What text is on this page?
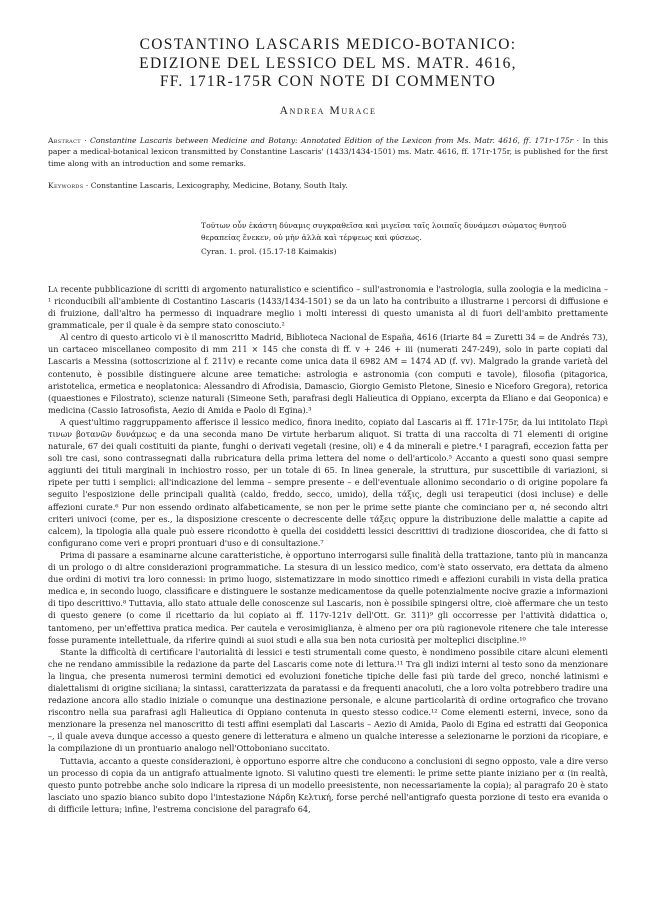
COSTANTINO LASCARIS MEDICO-BOTANICO:
EDIZIONE DEL LESSICO DEL MS. MATR. 4616,
FF. 171R-175R CON NOTE DI COMMENTO
Andrea Murace

Abstract · Constantine Lascaris between Medicine and Botany: Annotated Edition of the Lexicon from Ms. Matr. 4616, ff. 171r-175r · In this paper a medical-botanical lexicon transmitted by Constantine Lascaris' (1433/1434-1501) ms. Matr. 4616, ff. 171r-175r, is published for the first time along with an introduction and some remarks.

Keywords · Constantine Lascaris, Lexicography, Medicine, Botany, South Italy.

Τούτων οὖν ἑκάστη δύναμις συγκραθεῖσα καὶ μιγεῖσα ταῖς λοιπαῖς δυνάμεσι σώματος θνητοῦ
θεραπείας ἕνεκεν, οὐ μὴν ἀλλὰ καὶ τέρψεως καὶ φύσεως.
Cyran. 1. prol. (15.17-18 Kaimakis)

La recente pubblicazione di scritti di argomento naturalistico e scientifico – sull'astronomia e l'astrologia, sulla zoologia e la medicina –¹ riconducibili all'ambiente di Costantino Lascaris (1433/1434-1501) se da un lato ha contribuito a illustrarne i percorsi di diffusione e di fruizione, dall'altro ha permesso di inquadrare meglio i molti interessi di questo umanista al di fuori dell'ambito prettamente grammaticale, per il quale è da sempre stato conosciuto.²

Al centro di questo articolo vi è il manoscritto Madrid, Biblioteca Nacional de España, 4616 (Iriarte 84 = Zuretti 34 = de Andrés 73), un cartaceo miscellaneo composito di mm 211 × 145 che consta di ff. v + 246 + iii (numerati 247-249), solo in parte copiati dal Lascaris a Messina (sottoscrizione al f. 211v) e recante come unica data il 6982 AM = 1474 AD (f. vv). Malgrado la grande varietà del contenuto, è possibile distinguere alcune aree tematiche: astrologia e astronomia (con computi e tavole), filosofia (pitagorica, aristotelica, ermetica e neoplatonica: Alessandro di Afrodisia, Damascio, Giorgio Gemisto Pletone, Sinesio e Niceforo Gregora), retorica (quaestiones e Filostrato), scienze naturali (Simeone Seth, parafrasi degli Halieutica di Oppiano, excerpta da Eliano e dai Geoponica) e medicina (Cassio Iatrosofista, Aezio di Amida e Paolo di Egina).³

A quest'ultimo raggruppamento afferisce il lessico medico, finora inedito, copiato dal Lascaris ai ff. 171r-175r, da lui intitolato Περὶ τινων βοτανῶν δυνάμεως e da una seconda mano De virtute herbarum aliquot. Si tratta di una raccolta di 71 elementi di origine naturale, 67 dei quali costituiti da piante, funghi o derivati vegetali (resine, oli) e 4 da minerali e pietre.⁴ I paragrafi, eccezion fatta per soli tre casi, sono contrassegnati dalla rubricatura della prima lettera del nome o dell'articolo.⁵ Accanto a questi sono quasi sempre aggiunti dei tituli marginali in inchiostro rosso, per un totale di 65. In linea generale, la struttura, pur suscettibile di variazioni, si ripete per tutti i semplici: all'indicazione del lemma – sempre presente – e dell'eventuale allonimo secondario o di origine popolare fa seguito l'esposizione delle principali qualità (caldo, freddo, secco, umido), della τάξις, degli usi terapeutici (dosi incluse) e delle affezioni curate.⁶ Pur non essendo ordinato alfabeticamente, se non per le prime sette piante che cominciano per α, né secondo altri criteri univoci (come, per es., la disposizione crescente o decrescente delle τάξεις oppure la distribuzione delle malattie a capite ad calcem), la tipologia alla quale può essere ricondotto è quella dei cosiddetti lessici descrittivi di tradizione dioscoridea, che di fatto si configurano come veri e propri prontuari d'uso e di consultazione.⁷

Prima di passare a esaminarne alcune caratteristiche, è opportuno interrogarsi sulle finalità della trattazione, tanto più in mancanza di un prologo o di altre considerazioni programmatiche. La stesura di un lessico medico, com'è stato osservato, era dettata da almeno due ordini di motivi tra loro connessi: in primo luogo, sistematizzare in modo sinottico rimedi e affezioni curabili in vista della pratica medica e, in secondo luogo, classificare e distinguere le sostanze medicamentose da quelle potenzialmente nocive grazie a informazioni di tipo descrittivo.⁸ Tuttavia, allo stato attuale delle conoscenze sul Lascaris, non è possibile spingersi oltre, cioè affermare che un testo di questo genere (o come il ricettario da lui copiato ai ff. 117v-121v dell'Ott. Gr. 311)⁹ gli occorresse per l'attività didattica o, tantomeno, per un'effettiva pratica medica. Per cautela e verosimiglianza, è almeno per ora più ragionevole ritenere che tale interesse fosse puramente intellettuale, da riferire quindi ai suoi studi e alla sua ben nota curiosità per molteplici discipline.¹⁰

Stante la difficoltà di certificare l'autorialità di lessici e testi strumentali come questo, è nondimeno possibile citare alcuni elementi che ne rendano ammissibile la redazione da parte del Lascaris come note di lettura.¹¹ Tra gli indizi interni al testo sono da menzionare la lingua, che presenta numerosi termini demotici ed evoluzioni fonetiche tipiche delle fasi più tarde del greco, nonché latinismi e dialettalismi di origine siciliana; la sintassi, caratterizzata da paratassi e da frequenti anacoluti, che a loro volta potrebbero tradire una redazione ancora allo stadio iniziale o comunque una destinazione personale, e alcune particolarità di ordine ortografico che trovano riscontro nella sua parafrasi agli Halieutica di Oppiano contenuta in questo stesso codice.¹² Come elementi esterni, invece, sono da menzionare la presenza nel manoscritto di testi affini esemplati dal Lascaris – Aezio di Amida, Paolo di Egina ed estratti dai Geoponica –, il quale aveva dunque accesso a questo genere di letteratura e almeno un qualche interesse a selezionarne le porzioni da ricopiare, e la compilazione di un prontuario analogo nell'Ottoboniano succitato.

Tuttavia, accanto a queste considerazioni, è opportuno esporre altre che conducono a conclusioni di segno opposto, vale a dire verso un processo di copia da un antigrafo attualmente ignoto. Si valutino questi tre elementi: le prime sette piante iniziano per α (in realtà, questo punto potrebbe anche solo indicare la ripresa di un modello preesistente, non necessariamente la copia); al paragrafo 20 è stato lasciato uno spazio bianco subito dopo l'intestazione Νάρδη Κελτική, forse perché nell'antigrafo questa porzione di testo era evanida o di difficile lettura; infine, l'estrema concisione del paragrafo 64,
